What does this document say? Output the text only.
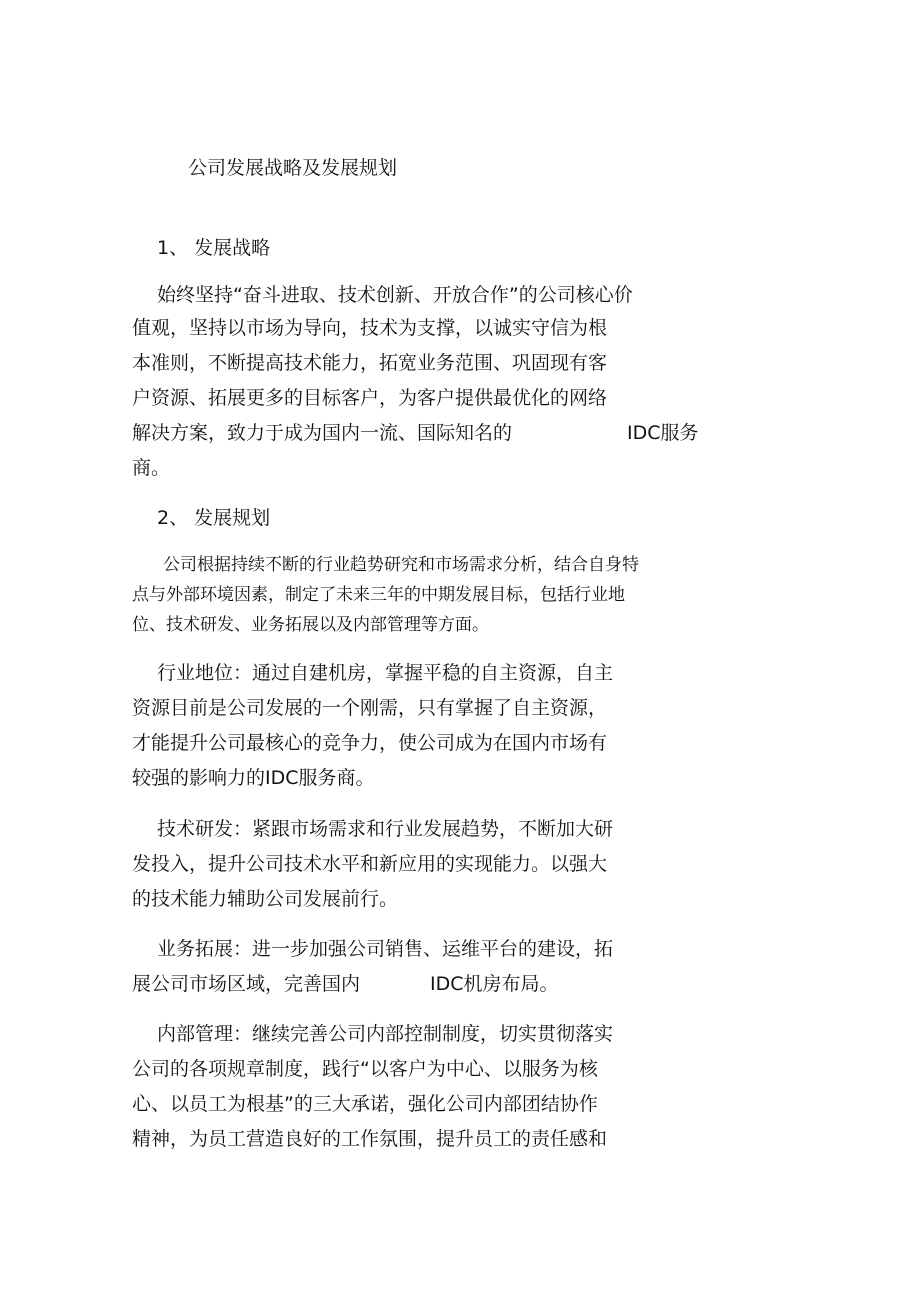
公司发展战略及发展规划
1、 发展战略
始终坚持“奋斗进取、技术创新、开放合作”的公司核心价
值观，坚持以市场为导向，技术为支撑，以诚实守信为根
本准则，不断提高技术能力，拓宽业务范围、巩固现有客
户资源、拓展更多的目标客户，为客户提供最优化的网络
解决方案，致力于成为国内一流、国际知名的	IDC服务
商。
2、 发展规划
公司根据持续不断的行业趋势研究和市场需求分析，结合自身特
点与外部环境因素，制定了未来三年的中期发展目标，包括行业地
位、技术研发、业务拓展以及内部管理等方面。
行业地位：通过自建机房，掌握平稳的自主资源，自主
资源目前是公司发展的一个刚需，只有掌握了自主资源，
才能提升公司最核心的竞争力，使公司成为在国内市场有
较强的影响力的IDC服务商。
技术研发：紧跟市场需求和行业发展趋势，不断加大研
发投入，提升公司技术水平和新应用的实现能力。以强大
的技术能力辅助公司发展前行。
业务拓展：进一步加强公司销售、运维平台的建设，拓
展公司市场区域，完善国内	IDC机房布局。
内部管理：继续完善公司内部控制制度，切实贯彻落实
公司的各项规章制度，践行“以客户为中心、以服务为核
心、以员工为根基”的三大承诺，强化公司内部团结协作
精神，为员工营造良好的工作氛围，提升员工的责任感和
